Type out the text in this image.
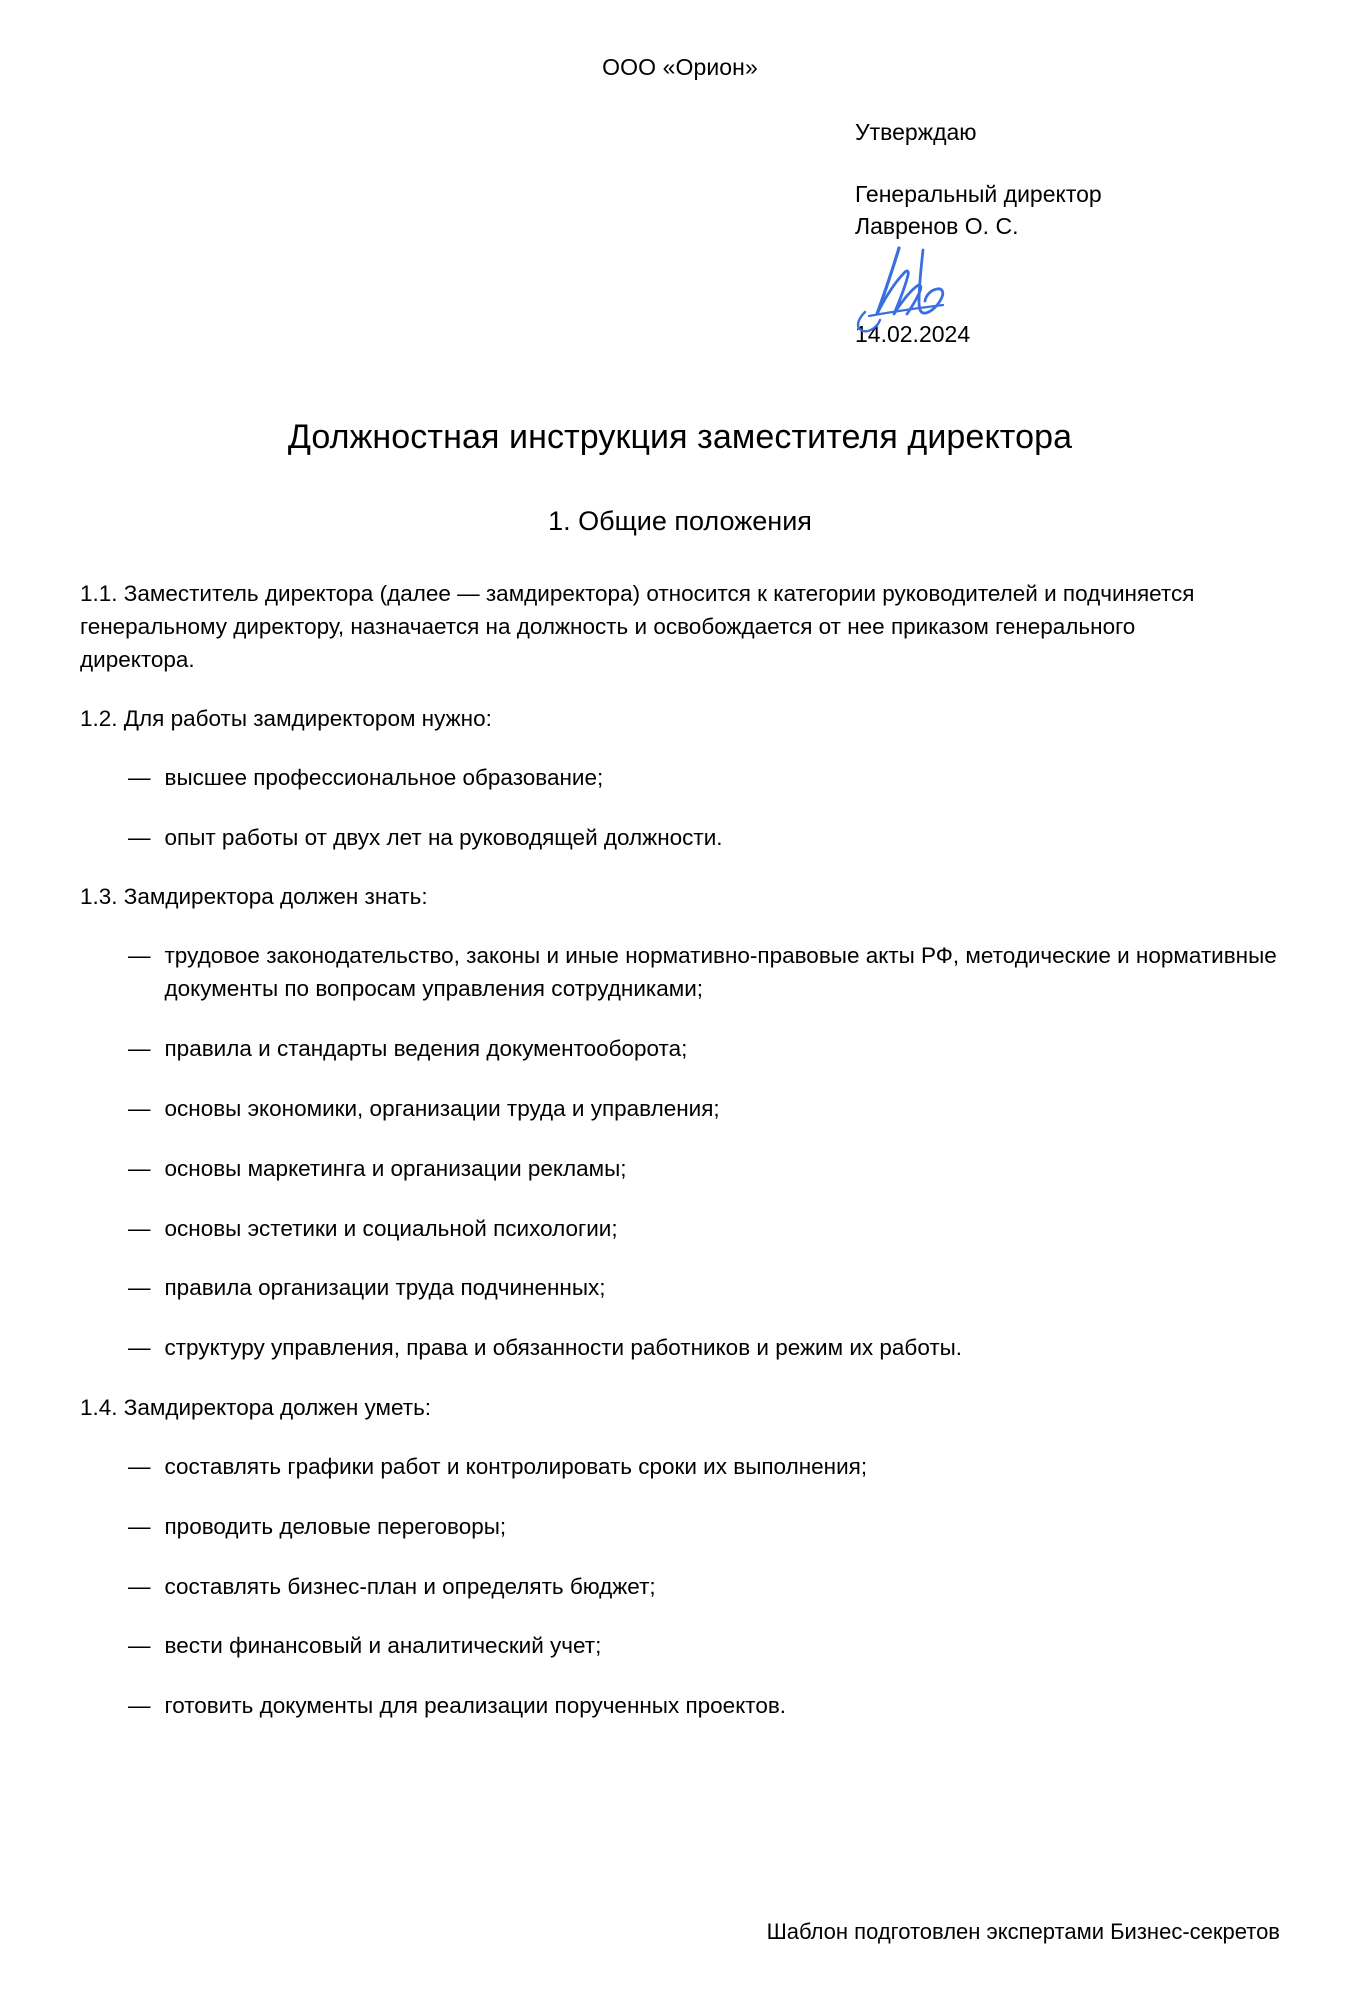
ООО «Орион»
Утверждаю
Генеральный директор
Лавренов О. С.
14.02.2024
Должностная инструкция заместителя директора
1. Общие положения

1.1. Заместитель директора (далее — замдиректора) относится к категории руководителей и подчиняется генеральному директору, назначается на должность и освобождается от нее приказом генерального директора.

1.2. Для работы замдиректором нужно:

— высшее профессиональное образование;
— опыт работы от двух лет на руководящей должности.

1.3. Замдиректора должен знать:

— трудовое законодательство, законы и иные нормативно-правовые акты РФ, методические и нормативные документы по вопросам управления сотрудниками;
— правила и стандарты ведения документооборота;
— основы экономики, организации труда и управления;
— основы маркетинга и организации рекламы;
— основы эстетики и социальной психологии;
— правила организации труда подчиненных;
— структуру управления, права и обязанности работников и режим их работы.

1.4. Замдиректора должен уметь:

— составлять графики работ и контролировать сроки их выполнения;
— проводить деловые переговоры;
— составлять бизнес-план и определять бюджет;
— вести финансовый и аналитический учет;
— готовить документы для реализации порученных проектов.
Шаблон подготовлен экспертами Бизнес-секретов
